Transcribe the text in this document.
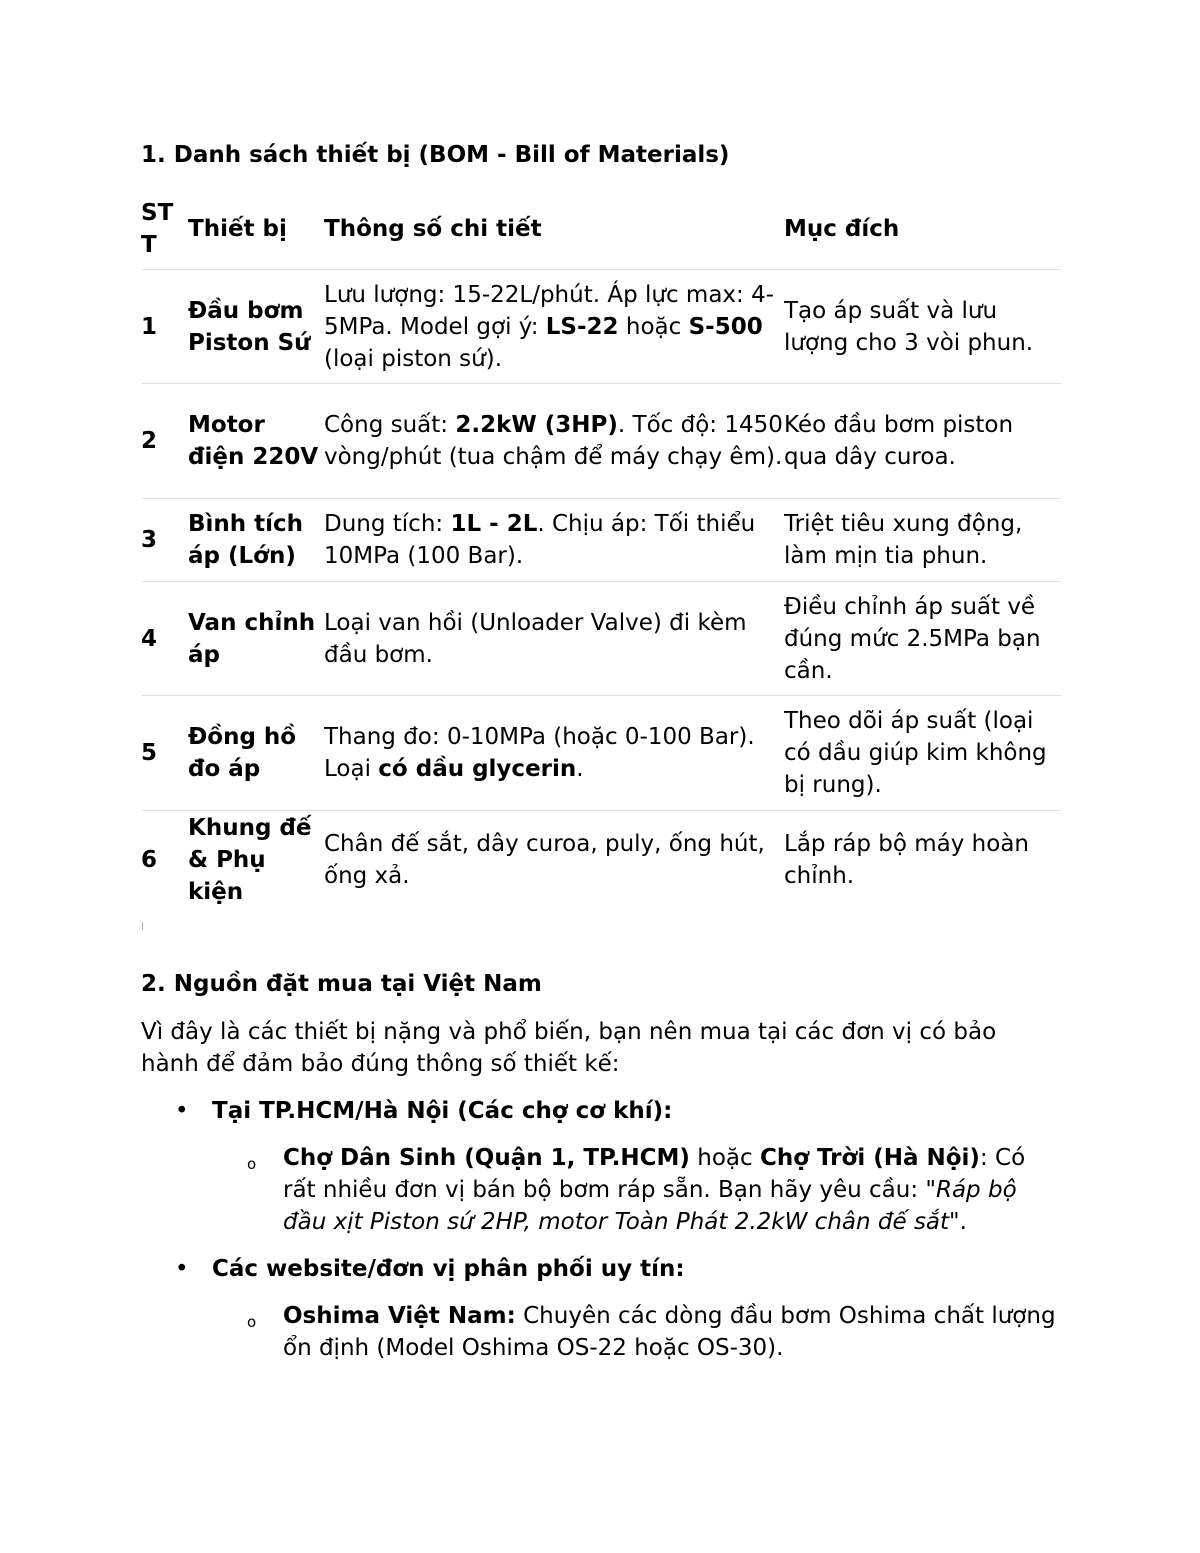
1. Danh sách thiết bị (BOM - Bill of Materials)
STT	Thiết bị	Thông số chi tiết	Mục đích
1	Đầu bơm Piston Sứ	Lưu lượng: 15-22L/phút. Áp lực max: 4-5MPa. Model gợi ý: LS-22 hoặc S-500 (loại piston sứ).	Tạo áp suất và lưu lượng cho 3 vòi phun.
2	Motor điện 220V	Công suất: 2.2kW (3HP). Tốc độ: 1450 vòng/phút (tua chậm để máy chạy êm).	Kéo đầu bơm piston qua dây curoa.
3	Bình tích áp (Lớn)	Dung tích: 1L - 2L. Chịu áp: Tối thiểu 10MPa (100 Bar).	Triệt tiêu xung động, làm mịn tia phun.
4	Van chỉnh áp	Loại van hồi (Unloader Valve) đi kèm đầu bơm.	Điều chỉnh áp suất về đúng mức 2.5MPa bạn cần.
5	Đồng hồ đo áp	Thang đo: 0-10MPa (hoặc 0-100 Bar). Loại có dầu glycerin.	Theo dõi áp suất (loại có dầu giúp kim không bị rung).
6	Khung đế & Phụ kiện	Chân đế sắt, dây curoa, puly, ống hút, ống xả.	Lắp ráp bộ máy hoàn chỉnh.
2. Nguồn đặt mua tại Việt Nam
Vì đây là các thiết bị nặng và phổ biến, bạn nên mua tại các đơn vị có bảo hành để đảm bảo đúng thông số thiết kế:
• Tại TP.HCM/Hà Nội (Các chợ cơ khí):
o Chợ Dân Sinh (Quận 1, TP.HCM) hoặc Chợ Trời (Hà Nội): Có rất nhiều đơn vị bán bộ bơm ráp sẵn. Bạn hãy yêu cầu: "Ráp bộ đầu xịt Piston sứ 2HP, motor Toàn Phát 2.2kW chân đế sắt".
• Các website/đơn vị phân phối uy tín:
o Oshima Việt Nam: Chuyên các dòng đầu bơm Oshima chất lượng ổn định (Model Oshima OS-22 hoặc OS-30).
